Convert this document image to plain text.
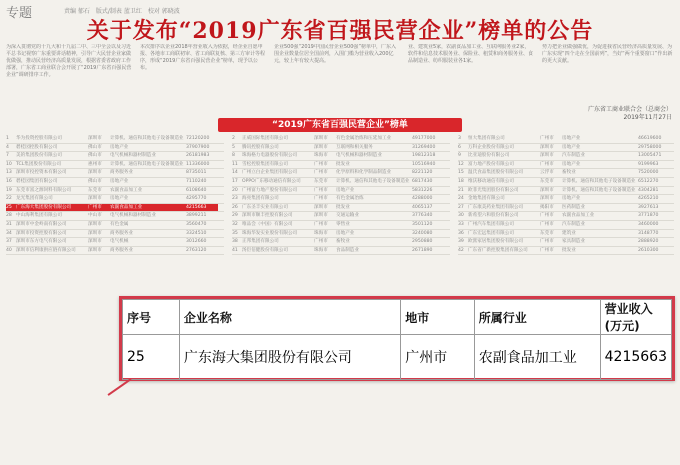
专题	责编 郁石　版式/制表 蓝卫红　校对 郭晓波
关于发布“2019广东省百强民营企业”榜单的公告
为深入贯彻党的十九大和十九届二中、三中全会以及习近平总书记视察广东重要讲话精神，引导广大民营企业家做优做强，推动民营经济高质量发展，根据省委省政府工作部署，广东省工商业联合会开展了“2019广东省百强民营企业”调研排序工作。
本次排序以企业2018年营业收入为依据，经企业自愿申报、各地市工商联初审、省工商联复核、第三方审计等程序，形成“2019广东省百强民营企业”榜单，现予以公布。
企业500强“2019中国民营企业500强”榜单中，广东入围企业数量位居全国前列，入围门槛为营业收入200亿元，较上年有较大提高。
业、建筑业5家，农副食品加工业、互联网服务业2家，软件和信息技术服务业、保险业、租赁和商务服务业、食品制造业、纺织服装业各1家。
势力把企业做强做优，为促进我省民营经济高质量发展、为广东实现“四个走在全国前列”，当好“两个重要窗口”作出新的更大贡献。
广东省工商业联合会（总商会）
2019年11月27日
“2019广东省百强民营企业”榜单
1 华为投资控股有限公司	深圳市 计算机、通信和其他电子设备制造业 72120200
4 碧桂园控股有限公司	佛山市 房地产业	37907900
7 美的集团股份有限公司	佛山市 电气机械和器材制造业	26181983
10 TCL集团股份有限公司	惠州市 计算机、通信和其他电子设备制造业 11336000
13 深圳市投控资本有限公司	深圳市 商务服务业	8735011
16 碧桂园集团有限公司	佛山市 房地产业	7110240
19 东莞市富之源饲料有限公司	东莞市 农副食品加工业	6108640
22 龙光集团有限公司	深圳市 房地产业	4295770
25 广东海大集团股份有限公司	广州市 农副食品加工业	4215663
28 中山海利集团有限公司	中山市 电气机械和器材制造业	3899211
31 深圳市中金岭南有限公司	深圳市 有色金属	3560470
34 深圳市投资控股有限公司	深圳市 商务服务业	3324510
37 深圳市东方电气有限公司	深圳市 电气机械	3012660
40 深圳市信利康供应链有限公司	深圳市 商务服务业	2763120
2 正威国际集团有限公司	深圳市 有色金属冶炼和压延加工业	49177000
5 腾讯控股有限公司	深圳市 互联网和相关服务	31269400
8 珠海格力电器股份有限公司	珠海市 电气机械和器材制造业	19812318
11 雪松控股集团有限公司	广州市 批发业	10516940
14 广州立白企业集团有限公司	广州市 化学原料和化学制品制造业	8221120
17 OPPO广东移动通信有限公司	东莞市 计算机、通信和其他电子设备制造业 6817430
20 广州富力地产股份有限公司	广州市 房地产业	5831226
23 海亮集团有限公司	广州市 有色金属冶炼	4288000
26 广东圣丰实业有限公司	深圳市 批发业	4065137
29 深圳市顺丰控股有限公司	深圳市 交通运输业	3776340
32 唯品会（中国）有限公司	广州市 零售业	3501120
35 珠海华发实业股份有限公司	珠海市 房地产业	3240080
38 正邦集团有限公司	广州市 畜牧业	2950880
41 汤臣倍健股份有限公司	珠海市 食品制造业	2671890
3 恒大集团有限公司	广州市 房地产业	46619600
6 万科企业股份有限公司	深圳市 房地产业	29758000
9 比亚迪股份有限公司	深圳市 汽车制造业	13005471
12 富力地产股份有限公司	广州市 房地产业	9199963
15 温氏食品集团股份有限公司	云浮市 畜牧业	7520000
18 维沃移动通信有限公司	东莞市 计算机、通信和其他电子设备制造业 6512270
21 欧菲光集团股份有限公司	深圳市 计算机、通信和其他电子设备制造业 4304281
24 金地集团有限公司	深圳市 房地产业	4265210
27 广东康美药业集团有限公司	揭阳市 医药制造业	3927613
30 新希望六和股份有限公司	广州市 农副食品加工业	3771870
33 广州汽车集团有限公司	广州市 汽车制造业	3460000
36 广东宏远集团有限公司	东莞市 建筑业	3148770
39 欧派家居集团股份有限公司	广州市 家具制造业	2888920
42 广东省广新控股集团有限公司	广州市 批发业	2610300
序号	企业名称	地市	所属行业	营业收入(万元)
25	广东海大集团股份有限公司	广州市	农副食品加工业	4215663
